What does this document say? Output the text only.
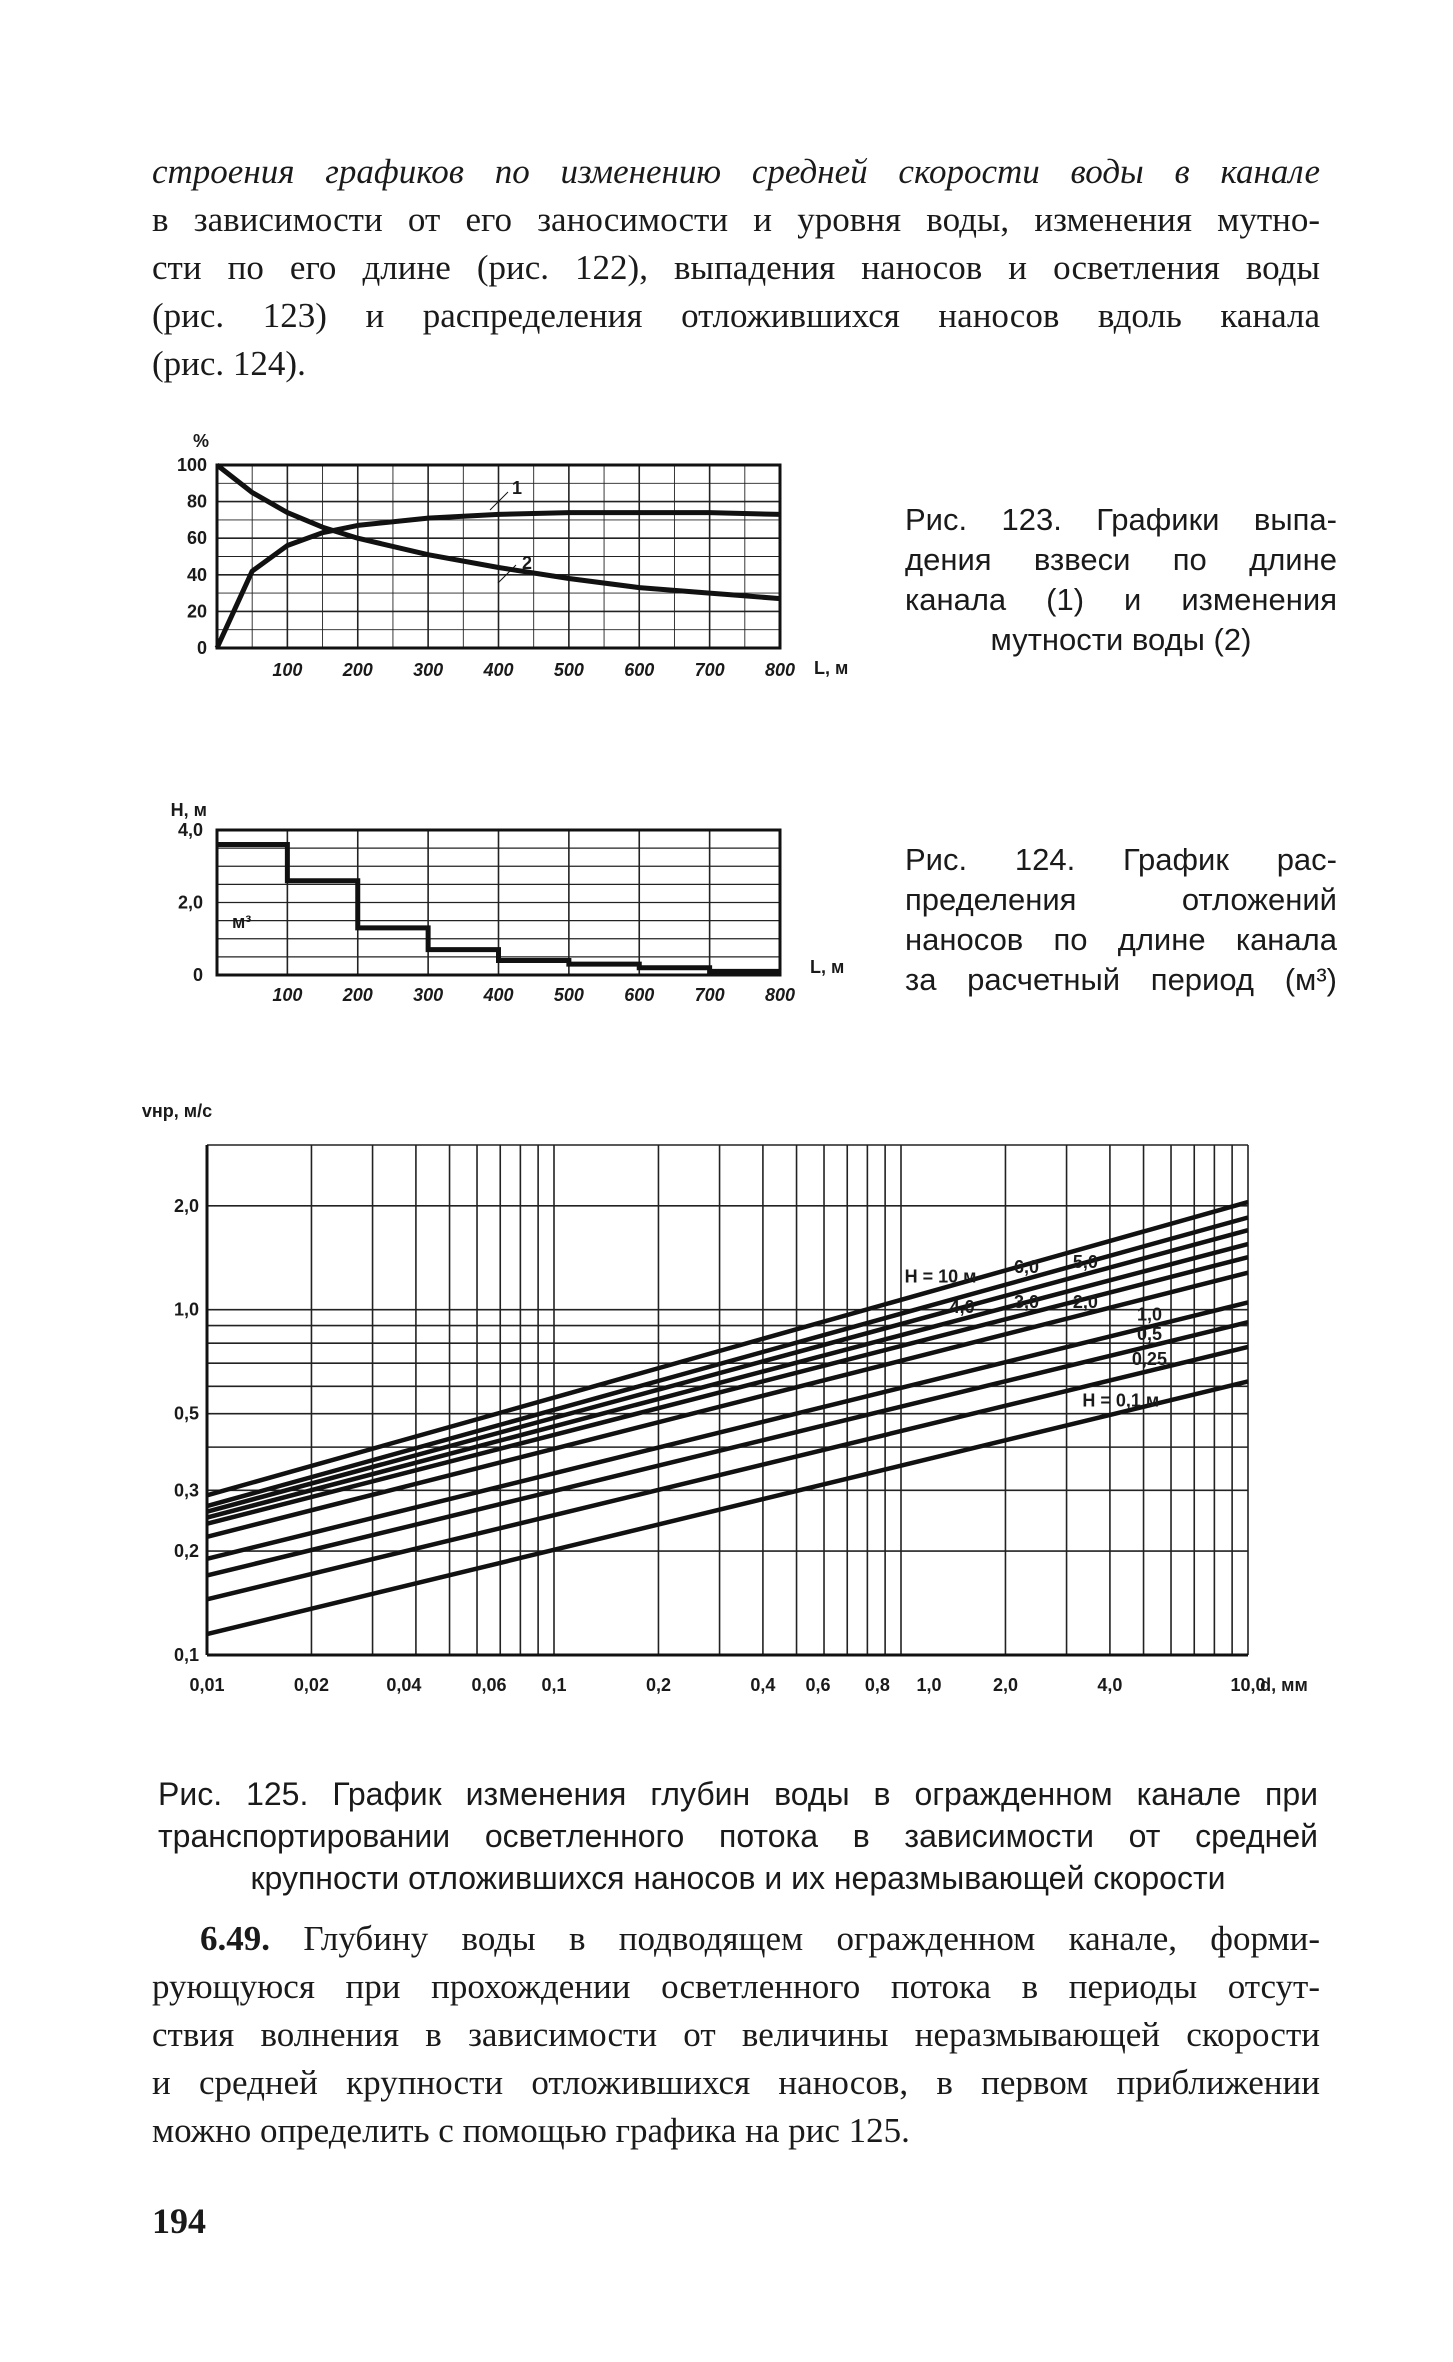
строения графиков по изменению средней скорости воды в канале
в зависимости от его заносимости и уровня воды, изменения мутно-
сти по его длине (рис. 122), выпадения наносов и осветления воды
(рис. 123) и распределения отложившихся наносов вдоль канала
(рис. 124).
Рис. 123. Графики выпа-
дения взвеси по длине
канала (1) и изменения
мутности воды (2)
Рис. 124. График рас-
пределения отложений
наносов по длине канала
за расчетный период (м³)
Рис. 125. График изменения глубин воды в огражденном канале при
транспортировании осветленного потока в зависимости от средней
крупности отложившихся наносов и их неразмывающей скорости
6.49. Глубину воды в подводящем огражденном канале, форми-
рующуюся при прохождении осветленного потока в периоды отсут-
ствия волнения в зависимости от величины неразмывающей скорости
и средней крупности отложившихся наносов, в первом приближении
можно определить с помощью графика на рис 125.
194
100 200 300 400 500 600 700 800
0
20
40
60
80
100
%
L, м
1
2
100 200 300 400 500 600 700 800
0
2,0
4,0
H, м
L, м
м³
0,01	0,02	0,04	0,06 0,1	0,2	0,4 0,6 0,8 1,0	2,0	4,0	10,0
0,1
0,2
0,3
0,5
1,0
2,0
vнр, м/с
d, мм
H = 10 м 6,0 5,0
4,0 3,0 2,0
1,0
0,5
0,25
H = 0,1 м
